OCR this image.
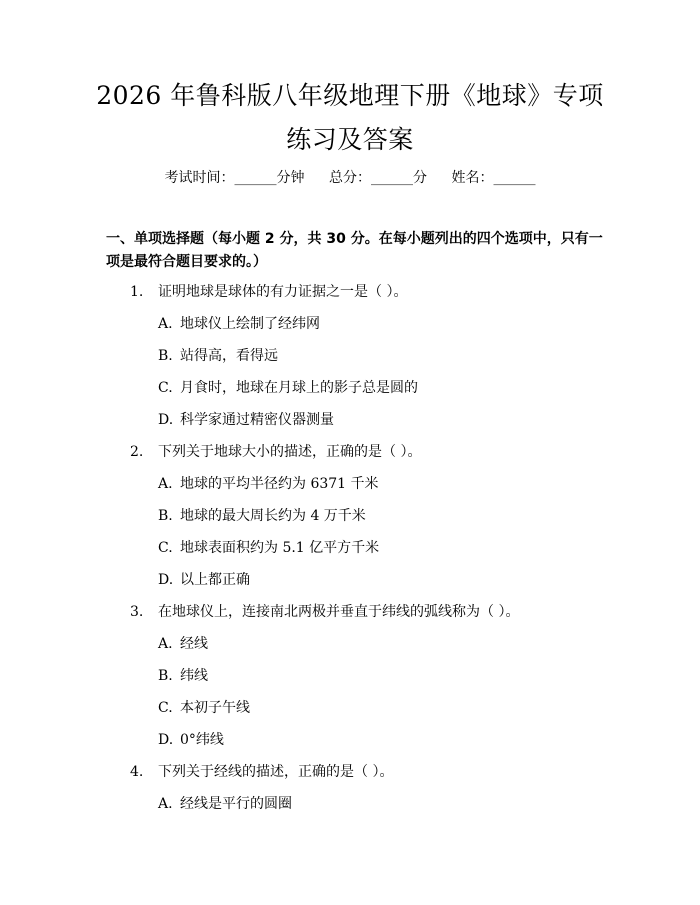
2026 年鲁科版八年级地理下册《地球》专项
练习及答案
考试时间：______分钟 总分：______分 姓名：______
一、单项选择题（每小题 2 分，共 30 分。在每小题列出的四个选项中，只有一项是最符合题目要求的。）
1. 证明地球是球体的有力证据之一是（ ）。
A. 地球仪上绘制了经纬网
B. 站得高，看得远
C. 月食时，地球在月球上的影子总是圆的
D. 科学家通过精密仪器测量
2. 下列关于地球大小的描述，正确的是（ ）。
A. 地球的平均半径约为 6371 千米
B. 地球的最大周长约为 4 万千米
C. 地球表面积约为 5.1 亿平方千米
D. 以上都正确
3. 在地球仪上，连接南北两极并垂直于纬线的弧线称为（ ）。
A. 经线
B. 纬线
C. 本初子午线
D. 0°纬线
4. 下列关于经线的描述，正确的是（ ）。
A. 经线是平行的圆圈
